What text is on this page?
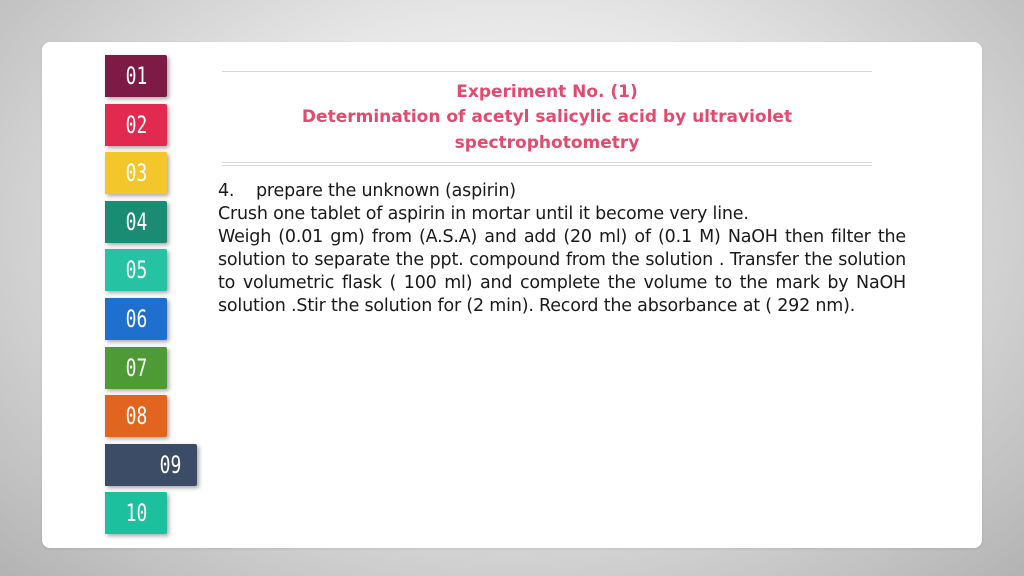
01
02
03
04
05
06
07
08
09
10
Experiment No. (1)
Determination of acetyl salicylic acid by ultraviolet
spectrophotometry

4. prepare the unknown (aspirin)

Crush one tablet of aspirin in mortar until it become very line.

Weigh (0.01 gm) from (A.S.A) and add (20 ml) of (0.1 M) NaOH then filter the solution to separate the ppt. compound from the solution . Transfer the solution to volumetric flask ( 100 ml) and complete the volume to the mark by NaOH solution .Stir the solution for (2 min). Record the absorbance at ( 292 nm).
